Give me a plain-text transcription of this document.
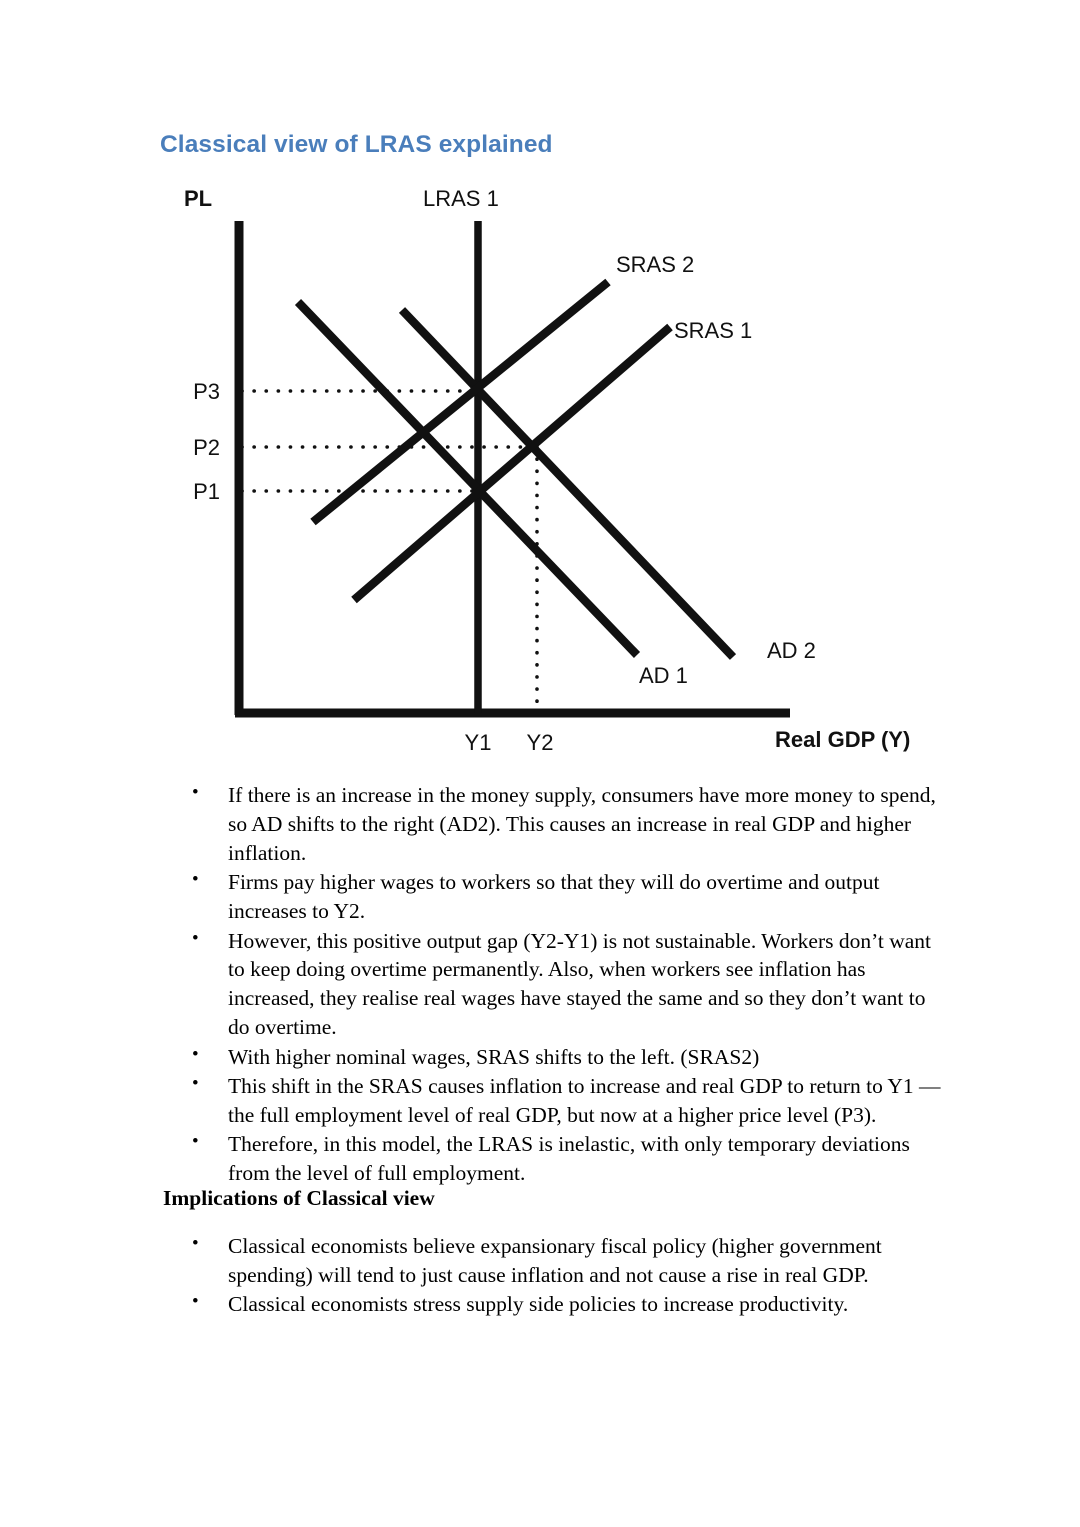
Classical view of LRAS explained
PL	LRAS 1
SRAS 2
SRAS 1
AD 1
AD 2
P3
P2
P1
Y1 Y2	Real GDP (Y)
• If there is an increase in the money supply, consumers have more money to spend, so AD shifts to the right (AD2). This causes an increase in real GDP and higher inflation.
• Firms pay higher wages to workers so that they will do overtime and output increases to Y2.
• However, this positive output gap (Y2-Y1) is not sustainable. Workers don’t want to keep doing overtime permanently. Also, when workers see inflation has increased, they realise real wages have stayed the same and so they don’t want to do overtime.
• With higher nominal wages, SRAS shifts to the left. (SRAS2)
• This shift in the SRAS causes inflation to increase and real GDP to return to Y1 — the full employment level of real GDP, but now at a higher price level (P3).
• Therefore, in this model, the LRAS is inelastic, with only temporary deviations from the level of full employment.
Implications of Classical view
• Classical economists believe expansionary fiscal policy (higher government spending) will tend to just cause inflation and not cause a rise in real GDP.
• Classical economists stress supply side policies to increase productivity.
